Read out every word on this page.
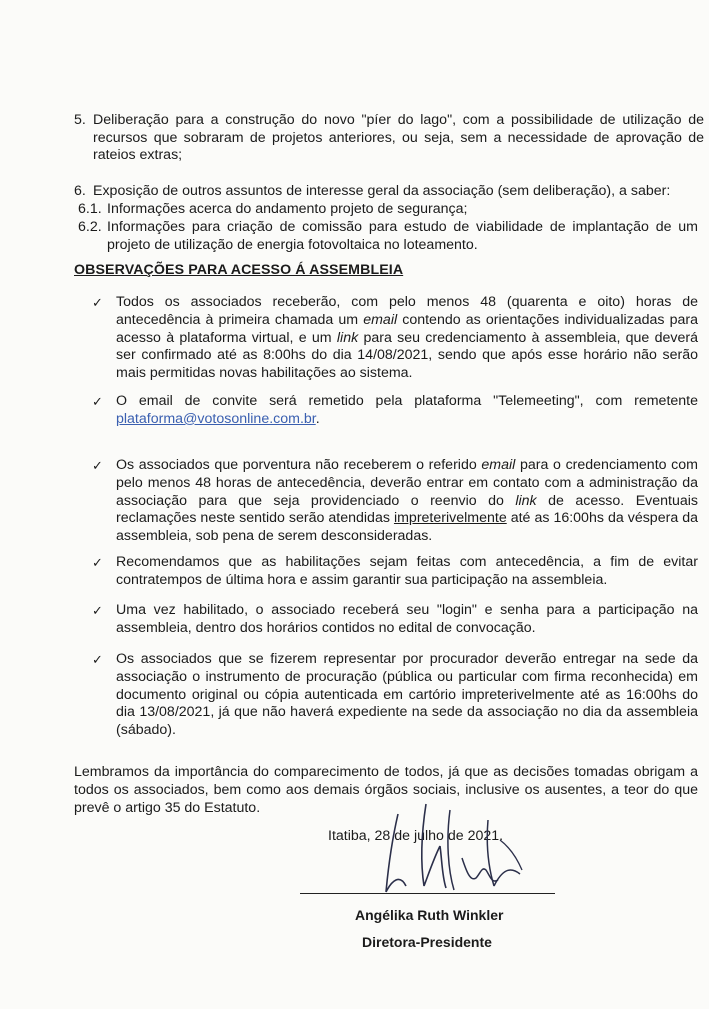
5. Deliberação para a construção do novo "píer do lago", com a possibilidade de utilização de recursos que sobraram de projetos anteriores, ou seja, sem a necessidade de aprovação de rateios extras;
6. Exposição de outros assuntos de interesse geral da associação (sem deliberação), a saber:
6.1. Informações acerca do andamento projeto de segurança;
6.2. Informações para criação de comissão para estudo de viabilidade de implantação de um projeto de utilização de energia fotovoltaica no loteamento.
OBSERVAÇÕES PARA ACESSO Á ASSEMBLEIA
✓ Todos os associados receberão, com pelo menos 48 (quarenta e oito) horas de antecedência à primeira chamada um email contendo as orientações individualizadas para acesso à plataforma virtual, e um link para seu credenciamento à assembleia, que deverá ser confirmado até as 8:00hs do dia 14/08/2021, sendo que após esse horário não serão mais permitidas novas habilitações ao sistema.
✓ O email de convite será remetido pela plataforma "Telemeeting", com remetente plataforma@votosonline.com.br.
✓ Os associados que porventura não receberem o referido email para o credenciamento com pelo menos 48 horas de antecedência, deverão entrar em contato com a administração da associação para que seja providenciado o reenvio do link de acesso. Eventuais reclamações neste sentido serão atendidas impreterivelmente até as 16:00hs da véspera da assembleia, sob pena de serem desconsideradas.
✓ Recomendamos que as habilitações sejam feitas com antecedência, a fim de evitar contratempos de última hora e assim garantir sua participação na assembleia.
✓ Uma vez habilitado, o associado receberá seu "login" e senha para a participação na assembleia, dentro dos horários contidos no edital de convocação.
✓ Os associados que se fizerem representar por procurador deverão entregar na sede da associação o instrumento de procuração (pública ou particular com firma reconhecida) em documento original ou cópia autenticada em cartório impreterivelmente até as 16:00hs do dia 13/08/2021, já que não haverá expediente na sede da associação no dia da assembleia (sábado).
Lembramos da importância do comparecimento de todos, já que as decisões tomadas obrigam a todos os associados, bem como aos demais órgãos sociais, inclusive os ausentes, a teor do que prevê o artigo 35 do Estatuto.
Itatiba, 28 de julho de 2021.
Angélika Ruth Winkler
Diretora-Presidente
